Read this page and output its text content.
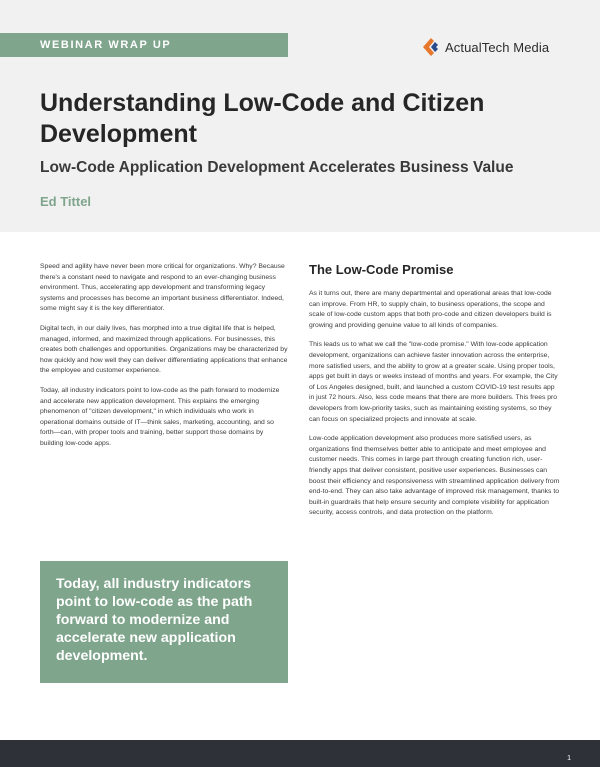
WEBINAR WRAP UP	ActualTech Media
Understanding Low-Code and Citizen Development
Low-Code Application Development Accelerates Business Value
Ed Tittel

Speed and agility have never been more critical for organizations. Why? Because there's a constant need to navigate and respond to an ever-changing business environment. Thus, accelerating app development and transforming legacy systems and processes has become an important business differentiator. Indeed, some might say it is the key differentiator.

Digital tech, in our daily lives, has morphed into a true digital life that is helped, managed, informed, and maximized through applications. For businesses, this creates both challenges and opportunities. Organizations may be characterized by how quickly and how well they can deliver differentiating applications that enhance the employee and customer experience.

Today, all industry indicators point to low-code as the path forward to modernize and accelerate new application development. This explains the emerging phenomenon of "citizen development," in which individuals who work in operational domains outside of IT—think sales, marketing, accounting, and so forth—can, with proper tools and training, better support those domains by building low-code apps.

Today, all industry indicators point to low-code as the path forward to modernize and accelerate new application development.
The Low-Code Promise

As it turns out, there are many departmental and operational areas that low-code can improve. From HR, to supply chain, to business operations, the scope and scale of low-code custom apps that both pro-code and citizen developers build is growing and providing genuine value to all kinds of companies.

This leads us to what we call the "low-code promise." With low-code application development, organizations can achieve faster innovation across the enterprise, more satisfied users, and the ability to grow at a greater scale. Using proper tools, apps get built in days or weeks instead of months and years. For example, the City of Los Angeles designed, built, and launched a custom COVID-19 test results app in just 72 hours. Also, less code means that there are more builders. This frees pro developers from low-priority tasks, such as maintaining existing systems, so they can focus on specialized projects and innovate at scale.

Low-code application development also produces more satisfied users, as organizations find themselves better able to anticipate and meet employee and customer needs. This comes in large part through creating function rich, user-friendly apps that deliver consistent, positive user experiences. Businesses can boost their efficiency and responsiveness with streamlined application delivery from end-to-end. They can also take advantage of improved risk management, thanks to built-in guardrails that help ensure security and complete visibility for application security, access controls, and data protection on the platform.

1
